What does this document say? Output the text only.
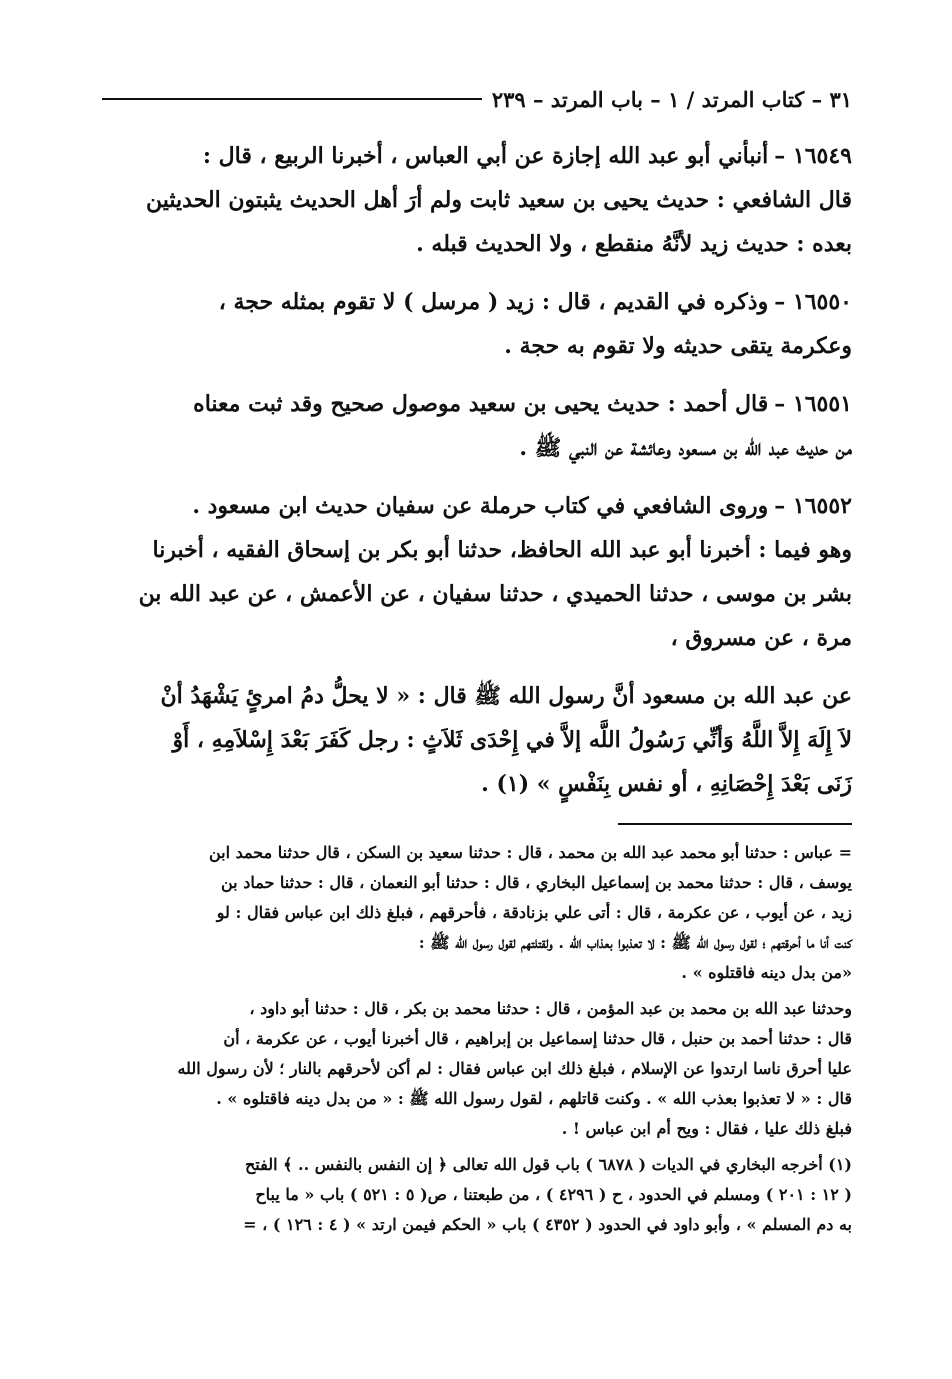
٣١ – كتاب المرتد / ١ – باب المرتد – ٢٣٩

١٦٥٤٩ –أنبأني أبو عبد الله إجازة عن أبي العباس ، أخبرنا الربيع ، قال :
قال الشافعي : حديث يحيى بن سعيد ثابت ولم أرَ أهل الحديث يثبتون الحديثين
بعده : حديث زيد لأنَّهُ منقطع ، ولا الحديث قبله .

١٦٥٥٠ –وذكره في القديم ، قال : زيد ( مرسل ) لا تقوم بمثله حجة ،
وعكرمة يتقى حديثه ولا تقوم به حجة .

١٦٥٥١ –قال أحمد : حديث يحيى بن سعيد موصول صحيح وقد ثبت معناه
من حديث عبد الله بن مسعود وعائشة عن النبي ﷺ .

١٦٥٥٢ –وروى الشافعي في كتاب حرملة عن سفيان حديث ابن مسعود .
وهو فيما : أخبرنا أبو عبد الله الحافظ، حدثنا أبو بكر بن إسحاق الفقيه ، أخبرنا
بشر بن موسى ، حدثنا الحميدي ، حدثنا سفيان ، عن الأعمش ، عن عبد الله بن
مرة ، عن مسروق ،

عن عبد الله بن مسعود أنَّ رسول الله ﷺ قال : « لا يحلُّ دمُ امرئٍ يَشْهَدُ أنْ
لاَ إِلَهَ إِلاَّ اللَّهُ وَأنِّي رَسُولُ اللَّه إلاَّ في إِحْدَى ثَلاَثٍ : رجل كَفَرَ بَعْدَ إِسْلاَمِهِ ، أَوْ
زَنَى بَعْدَ إِحْصَانِهِ ، أو نفس بِنَفْسٍ » (١) .

= عباس : حدثنا أبو محمد عبد الله بن محمد ، قال : حدثنا سعيد بن السكن ، قال حدثنا محمد ابن
يوسف ، قال : حدثنا محمد بن إسماعيل البخاري ، قال : حدثنا أبو النعمان ، قال : حدثنا حماد بن
زيد ، عن أيوب ، عن عكرمة ، قال : أتى علي بزنادقة ، فأحرقهم ، فبلغ ذلك ابن عباس فقال : لو
كنت أنا ما أحرقتهم ؛ لقول رسول الله ﷺ : لا تعذبوا بعذاب الله . ولقتلتهم لقول رسول الله ﷺ :
«من بدل دينه فاقتلوه » .

وحدثنا عبد الله بن محمد بن عبد المؤمن ، قال : حدثنا محمد بن بكر ، قال : حدثنا أبو داود ،
قال : حدثنا أحمد بن حنبل ، قال حدثنا إسماعيل بن إبراهيم ، قال أخبرنا أيوب ، عن عكرمة ، أن
عليا أحرق ناسا ارتدوا عن الإسلام ، فبلغ ذلك ابن عباس فقال : لم أكن لأحرقهم بالنار ؛ لأن رسول الله
قال : « لا تعذبوا بعذب الله » . وكنت قاتلهم ، لقول رسول الله ﷺ : « من بدل دينه فاقتلوه » .
فبلغ ذلك عليا ، فقال : ويح أم ابن عباس ! .

(١) أخرجه البخاري في الديات ( ٦٨٧٨ ) باب قول الله تعالى ﴿ إن النفس بالنفس .. ﴾ الفتح
( ١٢ : ٢٠١ ) ومسلم في الحدود ، ح ( ٤٢٩٦ ) ، من طبعتنا ، ص( ٥ : ٥٢١ ) باب « ما يباح
به دم المسلم » ، وأبو داود في الحدود ( ٤٣٥٢ ) باب « الحكم فيمن ارتد » ( ٤ : ١٢٦ ) ، =
